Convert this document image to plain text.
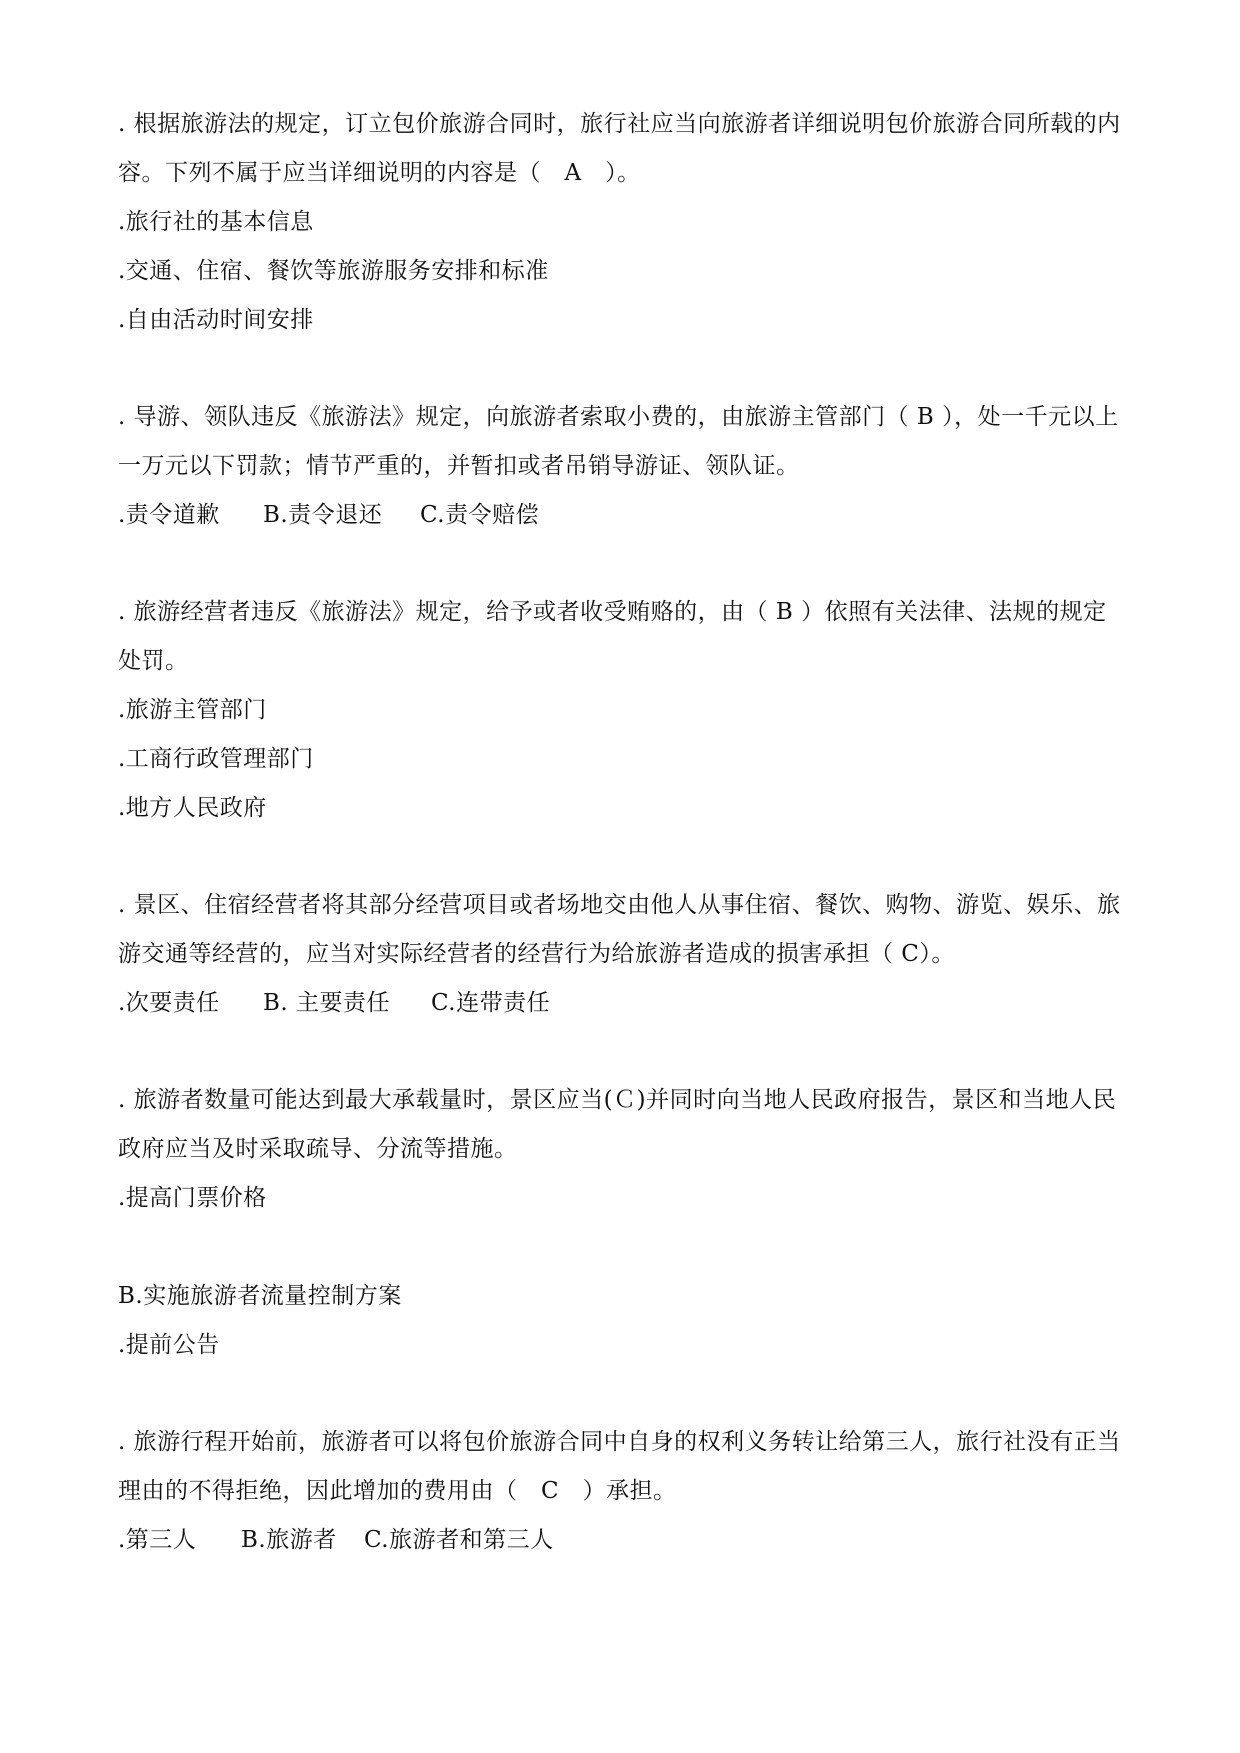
. 根据旅游法的规定，订立包价旅游合同时，旅行社应当向旅游者详细说明包价旅游合同所载的内容。下列不属于应当详细说明的内容是（　A　）。

.旅行社的基本信息

.交通、住宿、餐饮等旅游服务安排和标准

.自由活动时间安排

. 导游、领队违反《旅游法》规定，向旅游者索取小费的，由旅游主管部门（ B ），处一千元以上一万元以下罚款；情节严重的，并暂扣或者吊销导游证、领队证。

.责令道歉	B.责令退还	C.责令赔偿

. 旅游经营者违反《旅游法》规定，给予或者收受贿赂的，由（ B ）依照有关法律、法规的规定处罚。

.旅游主管部门

.工商行政管理部门

.地方人民政府

. 景区、住宿经营者将其部分经营项目或者场地交由他人从事住宿、餐饮、购物、游览、娱乐、旅游交通等经营的，应当对实际经营者的经营行为给旅游者造成的损害承担（ C）。

.次要责任	B. 主要责任	C.连带责任

. 旅游者数量可能达到最大承载量时，景区应当(Ｃ)并同时向当地人民政府报告，景区和当地人民政府应当及时采取疏导、分流等措施。

.提高门票价格

B.实施旅游者流量控制方案

.提前公告

. 旅游行程开始前，旅游者可以将包价旅游合同中自身的权利义务转让给第三人，旅行社没有正当理由的不得拒绝，因此增加的费用由（　C　）承担。

.第三人	B.旅游者	C.旅游者和第三人
